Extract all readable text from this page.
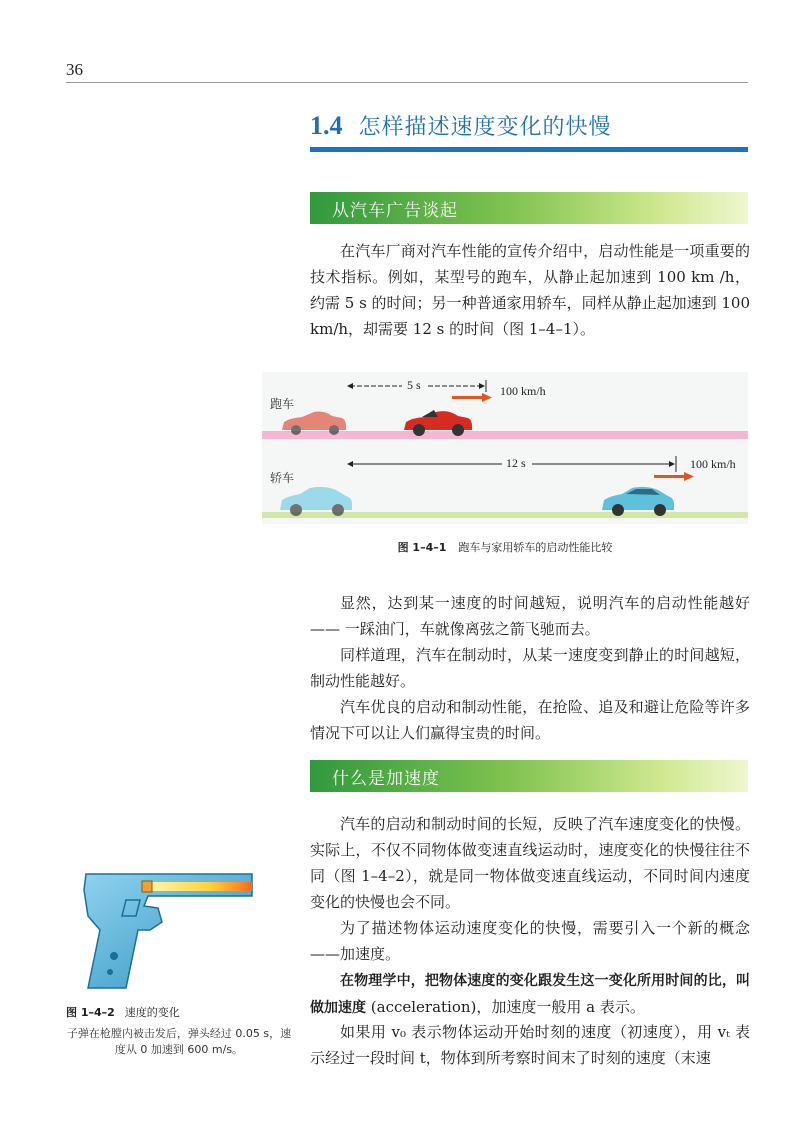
36
1.4 怎样描述速度变化的快慢
从汽车广告谈起

在汽车厂商对汽车性能的宣传介绍中，启动性能是一项重要的技术指标。例如，某型号的跑车，从静止起加速到 100 km /h，约需 5 s 的时间；另一种普通家用轿车，同样从静止起加速到 100 km/h，却需要 12 s 的时间（图 1–4–1）。

跑车
轿车
5 s	100 km/h
12 s	100 km/h
图 1–4–1 跑车与家用轿车的启动性能比较

显然，达到某一速度的时间越短，说明汽车的启动性能越好 —— 一踩油门，车就像离弦之箭飞驰而去。

同样道理，汽车在制动时，从某一速度变到静止的时间越短，制动性能越好。

汽车优良的启动和制动性能，在抢险、追及和避让危险等许多情况下可以让人们赢得宝贵的时间。

什么是加速度

汽车的启动和制动时间的长短，反映了汽车速度变化的快慢。实际上，不仅不同物体做变速直线运动时，速度变化的快慢往往不同（图 1–4–2），就是同一物体做变速直线运动，不同时间内速度变化的快慢也会不同。

为了描述物体运动速度变化的快慢，需要引入一个新的概念——加速度。

在物理学中，把物体速度的变化跟发生这一变化所用时间的比，叫做加速度 (acceleration)，加速度一般用 a 表示。

如果用 v₀ 表示物体运动开始时刻的速度（初速度），用 vₜ 表示经过一段时间 t，物体到所考察时间末了时刻的速度（末速

图 1–4–2 速度的变化
子弹在枪膛内被击发后，弹头经过 0.05 s，速度从 0 加速到 600 m/s。
